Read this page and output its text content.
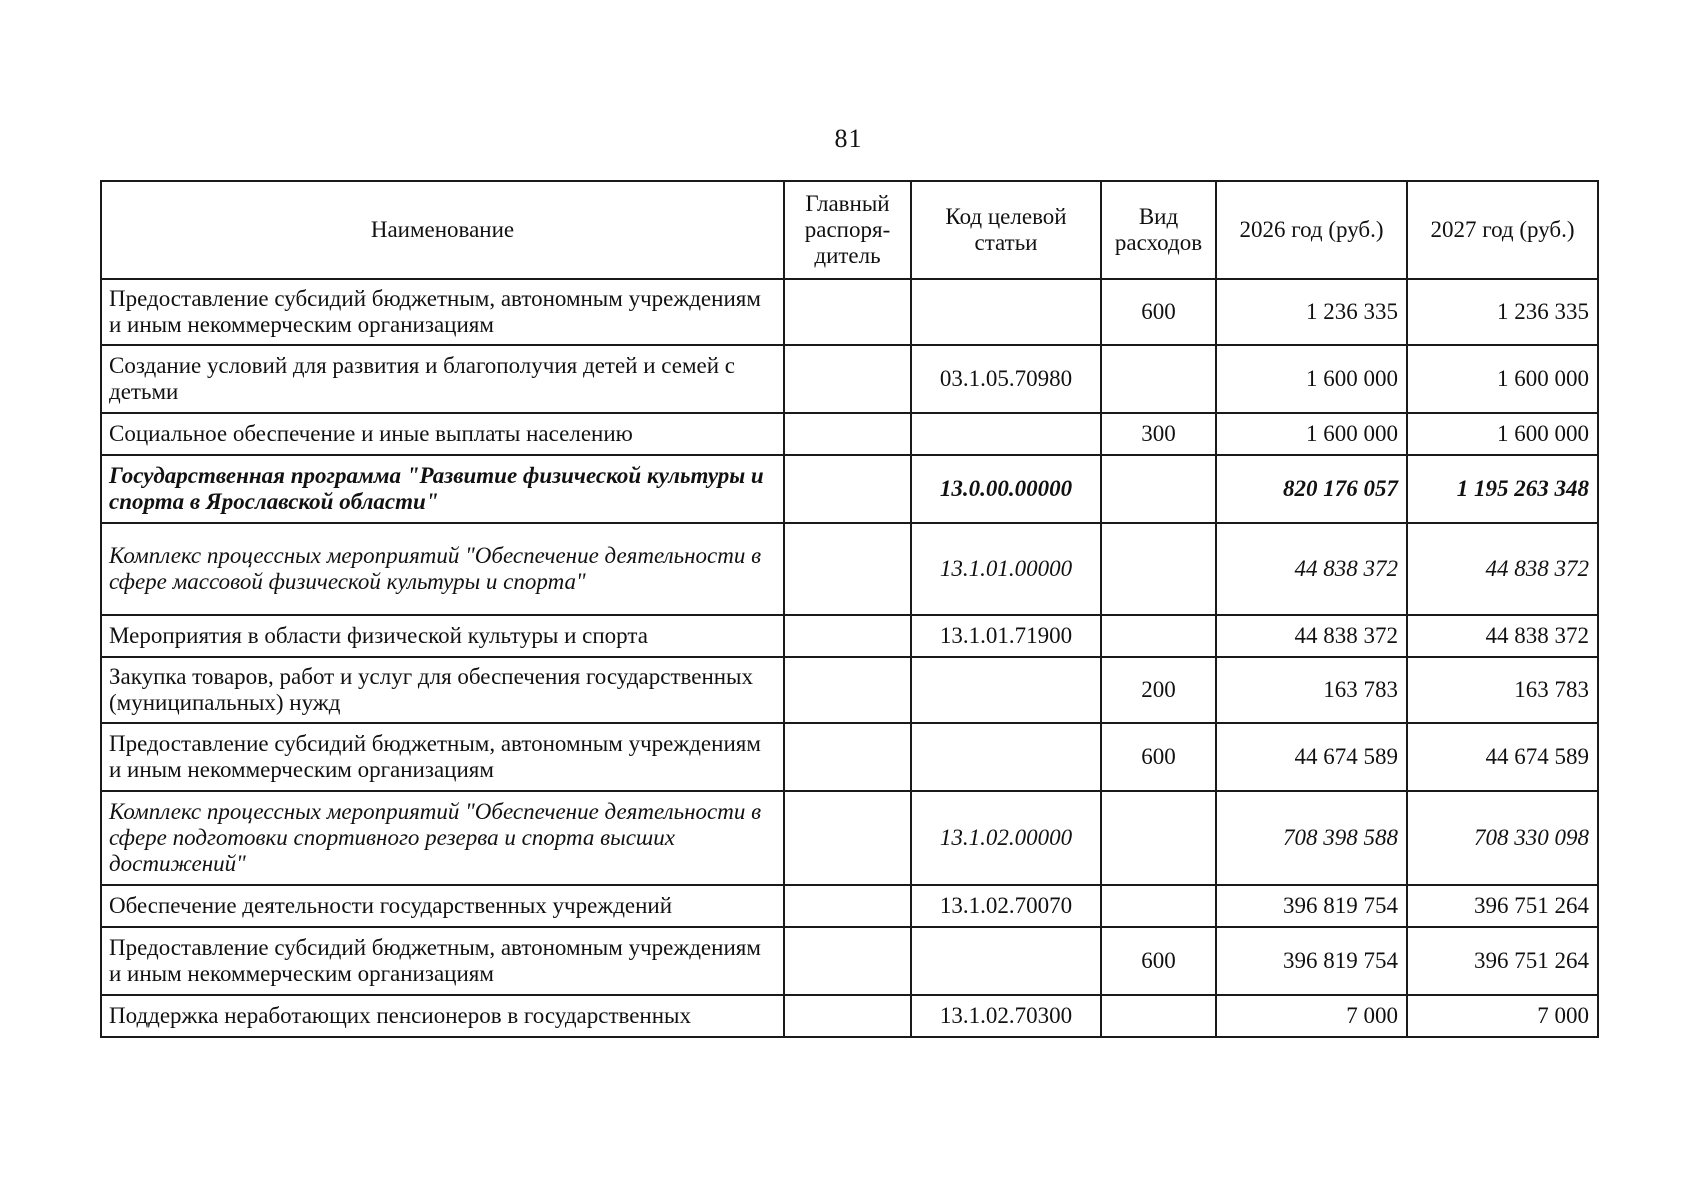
81
Наименование	Главный распоря-дитель	Код целевой статьи	Вид расходов	2026 год (руб.)	2027 год (руб.)
Предоставление субсидий бюджетным, автономным учреждениям и иным некоммерческим организациям			600	1 236 335	1 236 335
Создание условий для развития и благополучия детей и семей с детьми		03.1.05.70980		1 600 000	1 600 000
Социальное обеспечение и иные выплаты населению			300	1 600 000	1 600 000
Государственная программа "Развитие физической культуры и спорта в Ярославской области"		13.0.00.00000		820 176 057	1 195 263 348
Комплекс процессных мероприятий "Обеспечение деятельности в сфере массовой физической культуры и спорта"		13.1.01.00000		44 838 372	44 838 372
Мероприятия в области физической культуры и спорта		13.1.01.71900		44 838 372	44 838 372
Закупка товаров, работ и услуг для обеспечения государственных (муниципальных) нужд			200	163 783	163 783
Предоставление субсидий бюджетным, автономным учреждениям и иным некоммерческим организациям			600	44 674 589	44 674 589
Комплекс процессных мероприятий "Обеспечение деятельности в сфере подготовки спортивного резерва и спорта высших достижений"		13.1.02.00000		708 398 588	708 330 098
Обеспечение деятельности государственных учреждений		13.1.02.70070		396 819 754	396 751 264
Предоставление субсидий бюджетным, автономным учреждениям и иным некоммерческим организациям			600	396 819 754	396 751 264
Поддержка неработающих пенсионеров в государственных		13.1.02.70300		7 000	7 000
